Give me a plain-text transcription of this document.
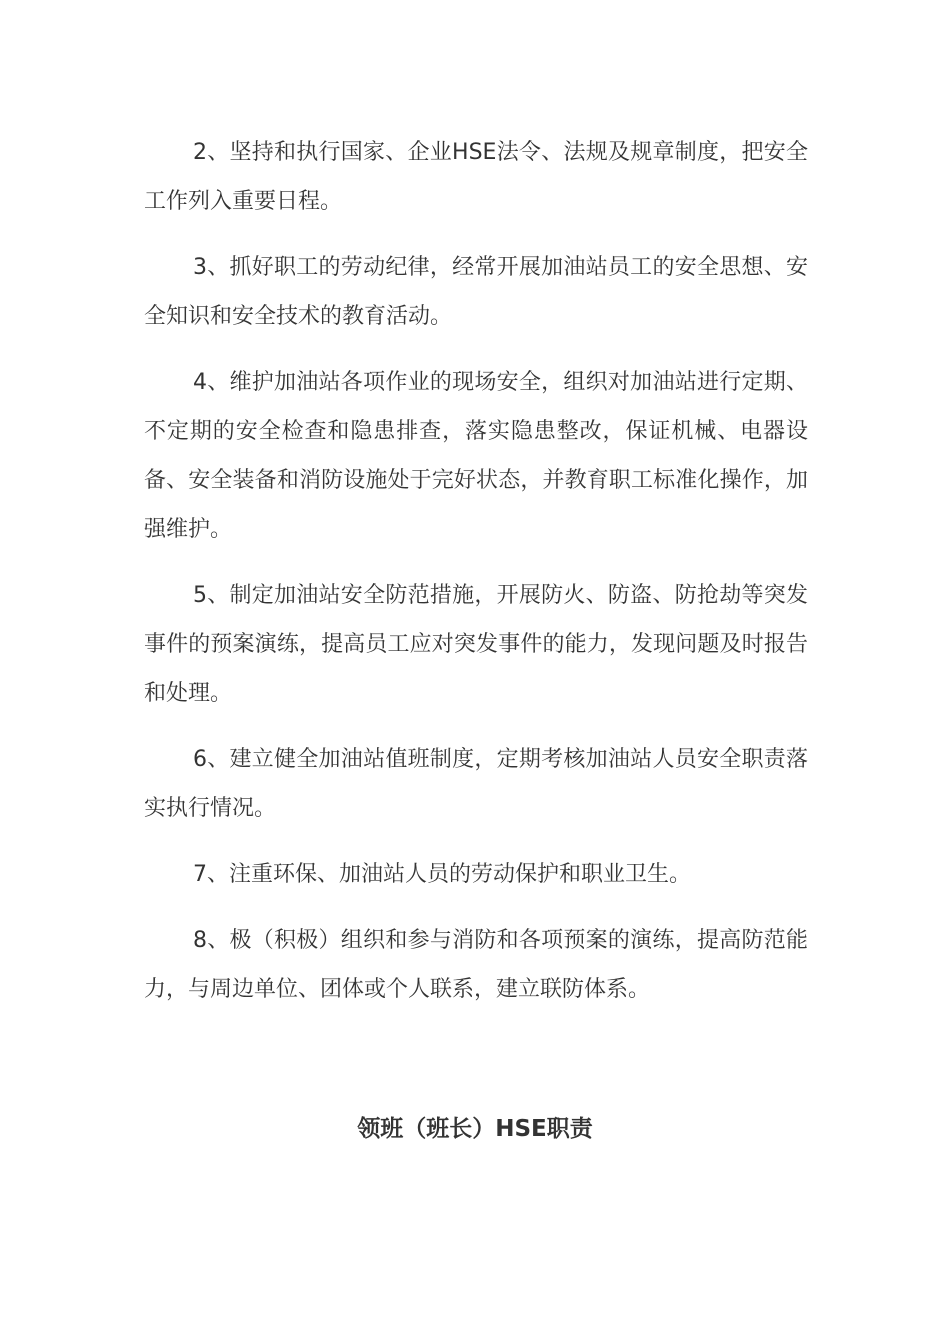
2、坚持和执行国家、企业HSE法令、法规及规章制度，把安全工作列入重要日程。

3、抓好职工的劳动纪律，经常开展加油站员工的安全思想、安全知识和安全技术的教育活动。

4、维护加油站各项作业的现场安全，组织对加油站进行定期、不定期的安全检查和隐患排查，落实隐患整改，保证机械、电器设备、安全装备和消防设施处于完好状态，并教育职工标准化操作，加强维护。

5、制定加油站安全防范措施，开展防火、防盗、防抢劫等突发事件的预案演练，提高员工应对突发事件的能力，发现问题及时报告和处理。

6、建立健全加油站值班制度，定期考核加油站人员安全职责落实执行情况。

7、注重环保、加油站人员的劳动保护和职业卫生。

8、极（积极）组织和参与消防和各项预案的演练，提高防范能力，与周边单位、团体或个人联系，建立联防体系。

领班（班长）HSE职责
